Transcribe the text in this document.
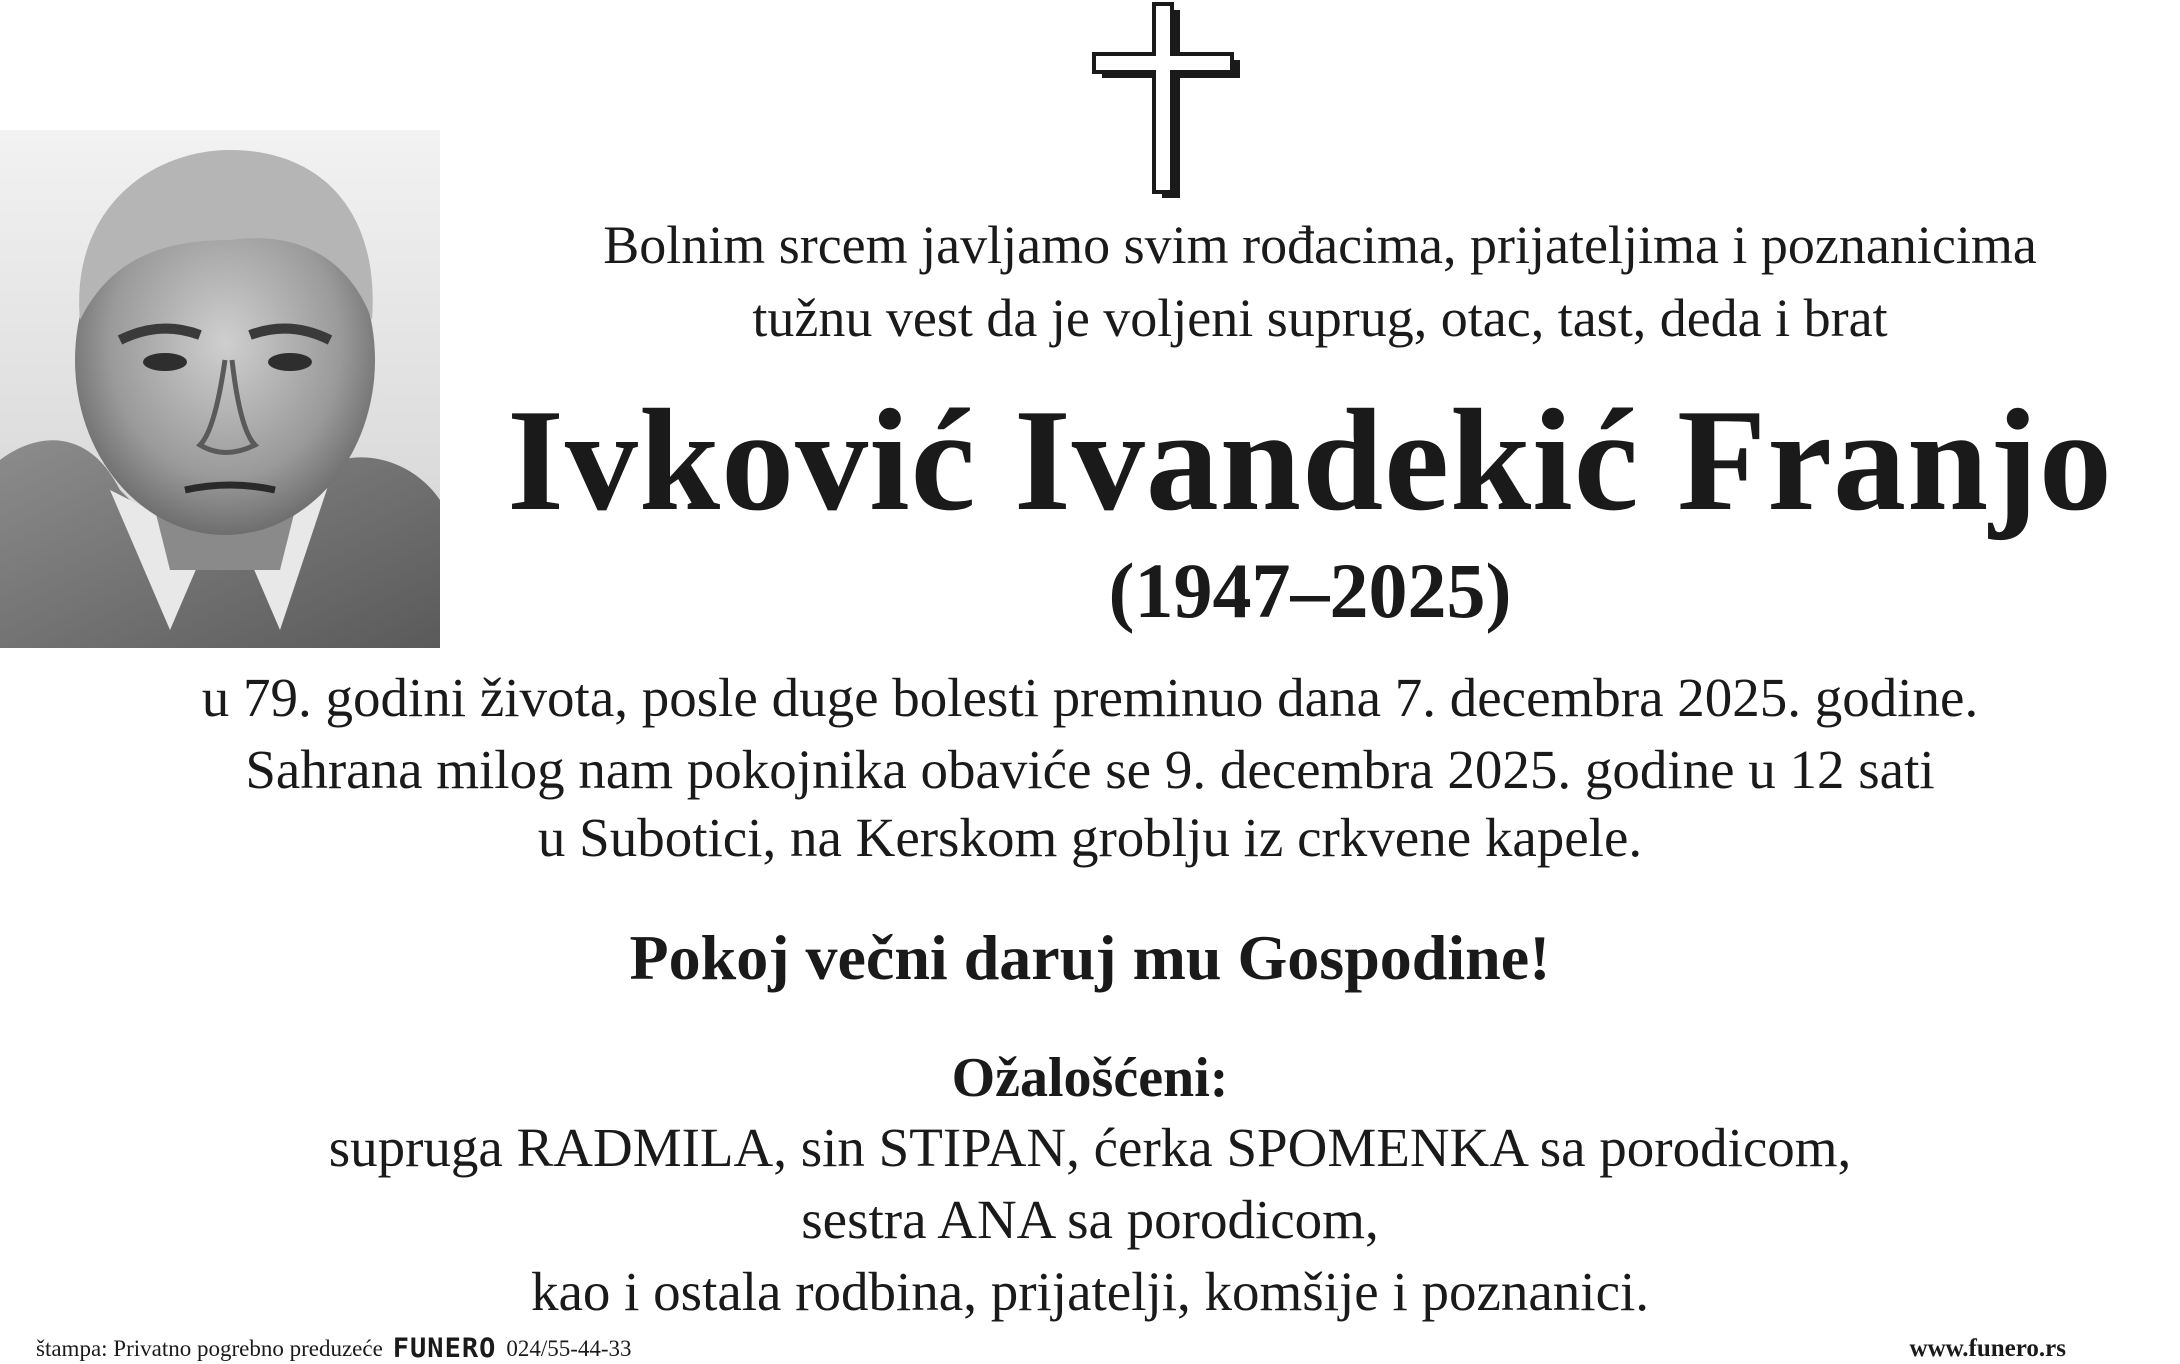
Bolnim srcem javljamo svim rođacima, prijateljima i poznanicima
tužnu vest da je voljeni suprug, otac, tast, deda i brat
Ivković Ivandekić Franjo
(1947–2025)
u 79. godini života, posle duge bolesti preminuo dana 7. decembra 2025. godine.
Sahrana milog nam pokojnika obaviće se 9. decembra 2025. godine u 12 sati
u Subotici, na Kerskom groblju iz crkvene kapele.
Pokoj večni daruj mu Gospodine!
Ožalošćeni:
supruga RADMILA, sin STIPAN, ćerka SPOMENKA sa porodicom,
sestra ANA sa porodicom,
kao i ostala rodbina, prijatelji, komšije i poznanici.
štampa: Privatno pogrebno preduzeće FUNERO 024/55-44-33	www.funero.rs
